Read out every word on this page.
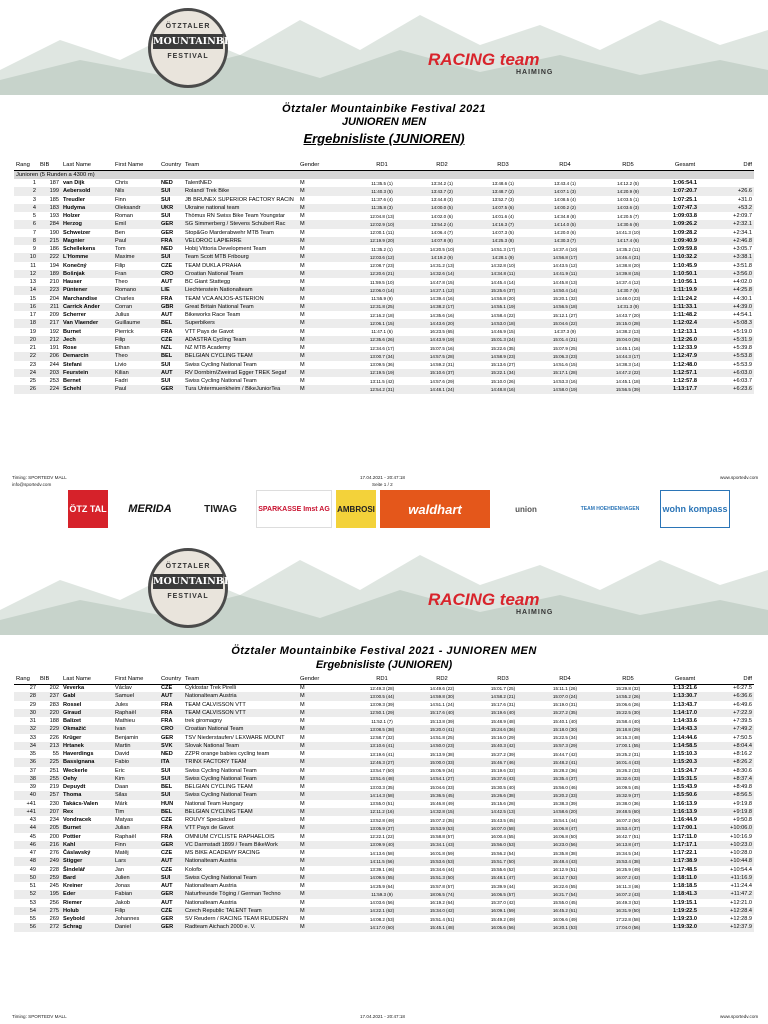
ÖTZTALER
MOUNTAINBIKE
FESTIVAL	RACING team
HAIMING
Ötztaler Mountainbike Festival 2021
JUNIOREN MEN
Ergebnisliste (JUNIOREN)
Rang	BIB	Last Name	First Name	Country	Team	Gender	RD1	RD2	RD3	RD4	RD5	Gesamt	Diff
Junioren (5 Runden a 4300 m)													
1	187	van Dijk	Chris	NED	TalentNED	M	11:35.5 (1)	13:34.2 (1)	13:48.6 (1)	13:43.4 (1)	14:12.2 (5)	1:06:54.1	
2	199	Aebersold	Nils	SUI	Roland/ Trek Bike	M	11:40.3 (5)	13:43.7 (2)	13:48.7 (2)	14:07.1 (3)	14:20.9 (9)	1:07:20.7	+26.6
3	185	Treudler	Finn	SUI	JB BRUNEX SUPERIOR FACTORY RACIN	M	11:37.6 (4)	13:44.8 (3)	13:52.7 (3)	14:08.5 (4)	14:03.5 (1)	1:07:25.1	+31.0
4	183	Hudyma	Oleksandr	UKR	Ukraine national team	M	11:35.8 (3)	14:00.0 (5)	14:07.5 (6)	14:00.2 (2)	14:03.6 (3)	1:07:47.3	+53.2
5	193	Holzer	Roman	SUI	Thömus RN Swiss Bike Team Youngstar	M	12:04.8 (13)	14:02.0 (6)	14:01.6 (4)	14:34.8 (8)	14:20.5 (7)	1:09:03.8	+2:09.7
6	284	Herzog	Emil	GER	SG Simmerberg / Stevens Schubert Rac	M	12:02.9 (10)	13:54.2 (4)	14:16.3 (7)	14:14.0 (5)	14:30.6 (9)	1:09:26.2	+2:32.1
7	190	Schweizer	Ben	GER	Stop&Go Marderabwehr MTB Team	M	12:00.1 (11)	14:06.4 (7)	14:07.3 (5)	14:20.0 (6)	14:41.3 (10)	1:09:28.2	+2:34.1
8	215	Magnier	Paul	FRA	VELOROC LAPIERRE	M	12:19.9 (20)	14:07.8 (8)	14:25.3 (8)	14:30.3 (7)	14:17.4 (6)	1:09:40.9	+2:46.8
9	186	Schellekens	Tom	NED	Hobij Vittoria Development Team	M	11:35.2 (1)	14:20.5 (10)	14:51.3 (17)	14:37.4 (10)	14:35.2 (11)	1:09:59.8	+3:05.7
10	222	L'Homme	Maxime	SUI	Team Scott MTB Fribourg	M	12:03.6 (12)	14:19.2 (9)	14:28.1 (9)	14:56.8 (17)	14:46.4 (21)	1:10:32.2	+3:38.1
11	194	Konečný	Filip	CZE	TEAM DUKLA PRAHA	M	12:08.7 (23)	14:31.2 (13)	14:32.8 (10)	14:43.5 (12)	14:38.8 (20)	1:10:45.9	+3:51.8
12	189	Bošnjak	Fran	CRO	Croatian National Team	M	12:20.6 (21)	14:32.6 (14)	14:34.8 (11)	14:41.9 (11)	14:39.8 (15)	1:10:50.1	+3:56.0
13	210	Hauser	Theo	AUT	BC Giant Stattegg	M	11:59.5 (10)	14:47.8 (15)	14:45.4 (14)	14:45.8 (13)	14:37.4 (12)	1:10:56.1	+4:02.0
14	223	Püntener	Romano	LIE	Liechtenstein Nationalteam	M	12:06.0 (14)	14:27.1 (12)	15:25.6 (37)	14:50.4 (14)	14:30.7 (8)	1:11:19.9	+4:25.8
15	204	Marchandise	Charles	FRA	TEAM VCA ANJOS-ASTERION	M	11:55.9 (9)	14:39.4 (16)	14:55.8 (20)	15:20.1 (32)	14:48.0 (23)	1:11:24.2	+4:30.1
16	211	Carrick Ander	Corran	GBR	Great Britain National Team	M	12:31.8 (25)	14:38.2 (17)	14:55.1 (19)	14:56.5 (18)	14:31.3 (9)	1:11:33.1	+4:39.0
17	209	Scherrer	Julius	AUT	Bikeworks Race Team	M	12:16.2 (18)	14:35.6 (16)	14:58.4 (22)	15:12.1 (27)	14:43.7 (20)	1:11:48.2	+4:54.1
18	217	Van Vlaender	Guillaume	BEL	Superbikers	M	12:06.1 (15)	14:43.6 (20)	14:53.0 (18)	15:04.6 (22)	15:15.0 (28)	1:12:02.4	+5:08.3
19	192	Burnet	Pierrick	FRA	VTT Pays de Gavot	M	11:47.1 (6)	16:23.5 (65)	14:46.9 (15)	14:37.3 (9)	14:38.2 (13)	1:12:13.1	+5:19.0
20	212	Jech	Filip	CZE	ADASTRA Cycling Team	M	12:35.6 (26)	14:43.9 (19)	15:01.3 (24)	15:01.4 (21)	15:04.0 (25)	1:12:26.0	+5:31.9
21	191	Rose	Ethan	NZL	NZ MTB Academy	M	12:34.6 (17)	15:07.5 (16)	15:22.6 (35)	15:07.9 (25)	14:45.1 (16)	1:12:33.9	+5:39.8
22	206	Demarcin	Theo	BEL	BELGIAN CYCLING TEAM	M	13:00.7 (34)	14:57.5 (28)	14:58.9 (23)	15:06.3 (23)	14:44.3 (17)	1:12:47.9	+5:53.8
23	244	Stefani	Livio	SUI	Swiss Cycling National Team	M	13:09.5 (36)	14:59.2 (31)	15:13.6 (27)	14:51.6 (15)	14:38.3 (14)	1:12:48.0	+5:53.9
24	203	Feurstein	Kilian	AUT	RV Dornbirn/Zweirad Egger TREK Segaf	M	12:19.5 (19)	15:10.6 (37)	15:22.1 (34)	15:17.1 (28)	14:47.2 (22)	1:12:57.1	+6:03.0
25	253	Bernet	Fadri	SUI	Swiss Cycling National Team	M	13:11.5 (42)	14:57.6 (29)	15:10.0 (26)	14:53.3 (16)	14:45.1 (18)	1:12:57.8	+6:03.7
26	224	Schehl	Paul	GER	Tura Untermuenkheim / BikeJuniorTea	M	12:54.2 (31)	14:48.1 (24)	14:48.8 (16)	14:58.0 (19)	15:56.5 (39)	1:13:17.7	+6:23.6
Timing: SPORTEDV MALL	17.04.2021 - 20:47:18	www.sportedv.com
info@sportedv.com	Seite 1 / 2
ÖTZ TAL	MERIDA	TIWAG	SPARKASSE Imst AG AMBROSI	waldhart	union	TEAM HOEHDENHAGEN	wohn kompass
ÖTZTALER
MOUNTAINBIKE
FESTIVAL	RACING team
HAIMING
Ötztaler Mountainbike Festival 2021 - JUNIOREN MEN
Ergebnisliste (JUNIOREN)
Rang	BIB	Last Name	First Name	Country	Team	Gender	RD1	RD2	RD3	RD4	RD5	Gesamt	Diff
27	202	Veverka	Václav	CZE	Cyklostar Trek Pirelli	M	12:49.3 (28)	14:49.6 (22)	15:01.7 (25)	15:11.1 (26)	15:29.8 (32)	1:13:21.6	+6:27.5
28	237	Gabl	Samuel	AUT	Nationalteam Austria	M	13:00.5 (44)	14:59.8 (30)	14:58.2 (21)	15:07.0 (24)	14:55.2 (26)	1:13:30.7	+6:36.6
29	283	Rossel	Jules	FRA	TEAM CALVISSON VTT	M	13:09.3 (39)	14:51.1 (24)	15:17.6 (31)	15:19.0 (31)	15:06.6 (26)	1:13:43.7	+6:49.6
30	220	Giraud	Raphaël	FRA	TEAM CALVISSON VTT	M	12:50.1 (29)	15:17.6 (40)	15:19.6 (40)	15:27.2 (35)	15:22.5 (30)	1:14:17.0	+7:22.9
31	188	Balízet	Mathieu	FRA	trek giromagny	M	11:52.1 (7)	15:13.8 (39)	15:48.9 (48)	15:40.1 (40)	15:58.4 (40)	1:14:33.6	+7:39.5
32	229	Okmažić	Ivan	CRO	Croatian National Team	M	13:08.5 (38)	15:20.0 (41)	15:24.6 (36)	15:18.0 (30)	15:18.8 (29)	1:14:43.3	+7:49.2
33	226	Krüger	Benjamin	GER	TSV Niederstaufen/ LEXWARE MOUNT	M	12:58.7 (32)	14:51.8 (25)	15:16.0 (29)	15:22.5 (34)	16:15.3 (48)	1:14:44.6	+7:50.5
34	213	Hrtanek	Martin	SVK	Slovak National Team	M	13:10.6 (41)	14:50.0 (23)	15:40.3 (42)	15:57.3 (29)	17:00.1 (55)	1:14:58.5	+8:04.4
35	55	Haverdings	David	NED	ZZPR orange babies cycling team	M	13:19.6 (41)	15:13.9 (38)	15:27.2 (39)	15:44.7 (42)	15:25.2 (31)	1:15:10.3	+8:16.2
36	225	Bassignana	Fabio	ITA	TRINX FACTORY TEAM	M	12:46.3 (27)	15:00.0 (33)	15:46.7 (46)	15:48.2 (41)	16:01.4 (43)	1:15:20.3	+8:26.2
37	251	Weckerle	Eric	SUI	Swiss Cycling National Team	M	13:54.7 (50)	15:05.9 (34)	15:19.6 (32)	15:28.2 (36)	15:26.2 (33)	1:15:24.7	+8:30.6
38	255	Oehy	Kim	SUI	Swiss Cycling National Team	M	13:51.6 (48)	14:54.1 (27)	15:37.6 (43)	15:35.4 (37)	15:32.6 (33)	1:15:31.5	+8:37.4
39	219	Depuydt	Daan	BEL	BELGIAN CYCLING TEAM	M	13:03.3 (35)	15:04.6 (33)	15:30.5 (40)	15:56.0 (46)	16:09.5 (45)	1:15:43.9	+8:49.8
40	257	Thoma	Silas	SUI	Swiss Cycling National Team	M	14:14.3 (58)	15:36.5 (45)	15:26.6 (38)	15:20.2 (33)	15:32.9 (37)	1:15:50.6	+8:56.5
+41	230	Takács-Valen	Márk	HUN	National Team Hungary	M	13:55.0 (51)	15:46.8 (49)	15:15.6 (28)	15:38.3 (39)	15:38.0 (36)	1:16:13.9	+9:19.8
+41	207	Rex	Tim	BEL	BELGIAN CYCLING TEAM	M	12:11.2 (16)	14:32.8 (15)	14:42.5 (13)	14:58.6 (20)	19:48.5 (60)	1:16:13.9	+9:19.8
43	234	Vondracek	Matyas	CZE	ROUVY Specialized	M	13:52.8 (49)	15:07.2 (35)	15:43.5 (45)	15:54.1 (44)	16:07.2 (50)	1:16:44.9	+9:50.8
44	205	Burnet	Julian	FRA	VTT Pays de Gavot	M	13:05.9 (37)	15:53.9 (53)	16:07.0 (58)	16:06.8 (47)	15:53.4 (37)	1:17:00.1	+10:06.0
45	200	Pottier	Raphaël	FRA	OMNIUM CYCLISTE RAPHAELOIS	M	12:22.1 (22)	15:58.8 (57)	16:00.4 (55)	16:06.8 (50)	16:42.7 (51)	1:17:11.0	+10:16.9
46	216	Kahl	Finn	GER	VC Darmstadt 1899 / Team BikeWork	M	13:09.9 (40)	15:34.1 (43)	15:56.0 (53)	16:23.0 (56)	16:13.8 (47)	1:17:17.1	+10:23.0
47	276	Čáslavský	Matěj	CZE	MS BIKE ACADEMY RACING	M	14:13.6 (58)	16:01.8 (59)	15:56.2 (54)	15:35.8 (38)	15:34.5 (34)	1:17:22.1	+10:28.0
48	249	Stigger	Lars	AUT	Nationalteam Austria	M	14:11.5 (56)	15:53.6 (53)	15:51.7 (50)	15:48.4 (43)	15:53.4 (38)	1:17:38.9	+10:44.8
49	228	Šindelář	Jan	CZE	Kolofix	M	13:39.1 (46)	15:34.6 (44)	15:55.6 (52)	16:12.9 (51)	16:25.9 (49)	1:17:48.5	+10:54.4
50	259	Bard	Julien	SUI	Swiss Cycling National Team	M	14:09.5 (55)	15:51.3 (50)	15:48.1 (47)	16:12.7 (52)	16:07.2 (42)	1:18:11.0	+11:16.9
51	245	Kreiner	Jonas	AUT	Nationalteam Austria	M	14:25.9 (64)	15:57.8 (57)	15:39.9 (44)	16:22.6 (55)	16:11.3 (46)	1:18:18.5	+11:24.4
52	195	Eder	Fabian	GER	Naturfreunde Töging / German Techno	M	11:59.3 (9)	18:06.5 (74)	16:06.5 (57)	16:21.7 (54)	16:07.2 (43)	1:18:41.3	+11:47.2
53	256	Riemer	Jakob	AUT	Nationalteam Austria	M	14:03.6 (56)	16:19.2 (64)	15:37.0 (42)	15:55.0 (45)	16:49.3 (52)	1:19:15.1	+12:21.0
54	275	Holub	Filip	CZE	Czech Republic TALENT Team	M	14:22.1 (62)	15:34.0 (42)	16:09.1 (59)	16:45.2 (61)	16:31.9 (50)	1:19:22.5	+12:28.4
55	269	Seybold	Johannes	GER	SV Reudern / RACING TEAM REUDERN	M	14:08.2 (53)	15:51.4 (51)	15:49.2 (49)	16:06.6 (49)	17:22.8 (58)	1:19:23.0	+12:28.9
56	272	Schrag	Daniel	GER	Radteam Aichach 2000 e. V.	M	14:17.0 (60)	15:45.1 (48)	16:05.6 (56)	16:20.1 (53)	17:04.0 (56)	1:19:32.0	+12:37.9
Timing: SPORTEDV MALL	17.04.2021 - 20:47:18	www.sportedv.com
